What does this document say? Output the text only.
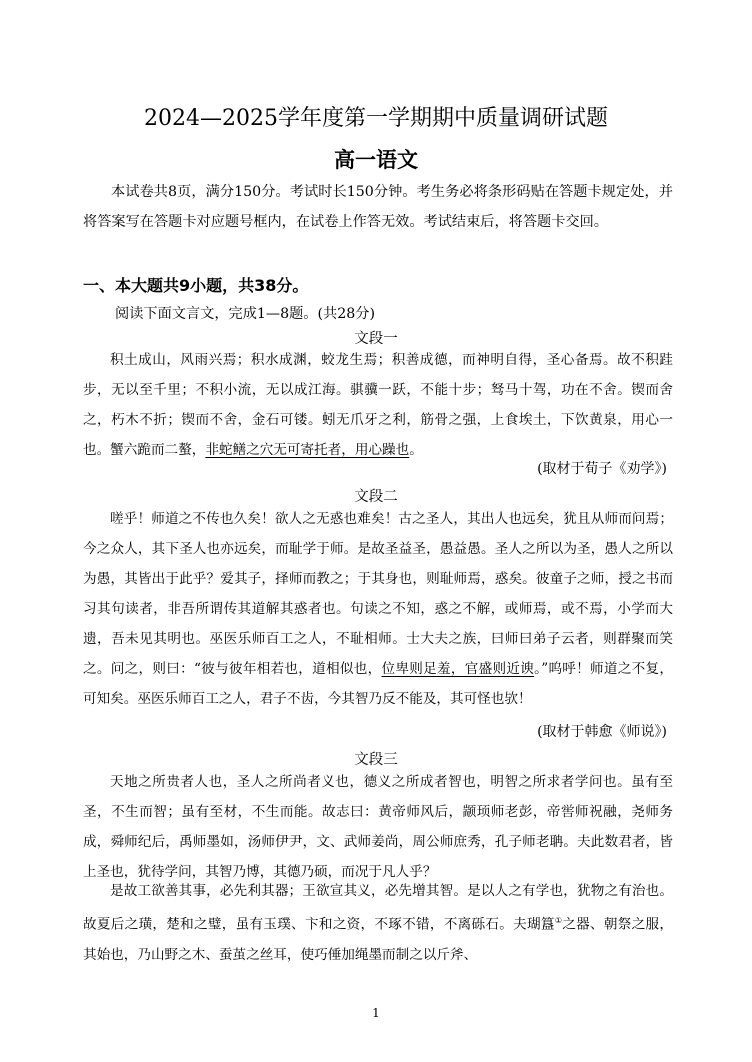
2024—2025学年度第一学期期中质量调研试题
高一语文

本试卷共8页，满分150分。考试时长150分钟。考生务必将条形码贴在答题卡规定处，并将答案写在答题卡对应题号框内，在试卷上作答无效。考试结束后，将答题卡交回。

一、本大题共9小题，共38分。
阅读下面文言文，完成1—8题。(共28分)
文段一

积土成山，风雨兴焉；积水成渊，蛟龙生焉；积善成德，而神明自得，圣心备焉。故不积跬步，无以至千里；不积小流，无以成江海。骐骥一跃，不能十步；驽马十驾，功在不舍。锲而舍之，朽木不折；锲而不舍，金石可镂。蚓无爪牙之利，筋骨之强，上食埃土，下饮黄泉，用心一也。蟹六跪而二螯，非蛇鳝之穴无可寄托者，用心躁也。

(取材于荀子《劝学》)
文段二

嗟乎！师道之不传也久矣！欲人之无惑也难矣！古之圣人，其出人也远矣，犹且从师而问焉；今之众人，其下圣人也亦远矣，而耻学于师。是故圣益圣，愚益愚。圣人之所以为圣，愚人之所以为愚，其皆出于此乎？爱其子，择师而教之；于其身也，则耻师焉，惑矣。彼童子之师，授之书而习其句读者，非吾所谓传其道解其惑者也。句读之不知，惑之不解，或师焉，或不焉，小学而大遗，吾未见其明也。巫医乐师百工之人，不耻相师。士大夫之族，曰师曰弟子云者，则群聚而笑之。问之，则曰：“彼与彼年相若也，道相似也，位卑则足羞，官盛则近谀。”呜呼！师道之不复，可知矣。巫医乐师百工之人，君子不齿，今其智乃反不能及，其可怪也欤！

(取材于韩愈《师说》)
文段三

天地之所贵者人也，圣人之所尚者义也，德义之所成者智也，明智之所求者学问也。虽有至圣，不生而智；虽有至材，不生而能。故志曰：黄帝师风后，颛顼师老彭，帝喾师祝融，尧师务成，舜师纪后，禹师墨如，汤师伊尹，文、武师姜尚，周公师庶秀，孔子师老聃。夫此数君者，皆上圣也，犹待学问，其智乃博，其德乃硕，而况于凡人乎？

是故工欲善其事，必先利其器；王欲宣其义，必先增其智。是以人之有学也，犹物之有治也。故夏后之璜，楚和之璧，虽有玉璞、卞和之资，不琢不错，不离砾石。夫瑚簋①之器、朝祭之服，其始也，乃山野之木、蚕茧之丝耳，使巧倕加绳墨而制之以斤斧、

1
